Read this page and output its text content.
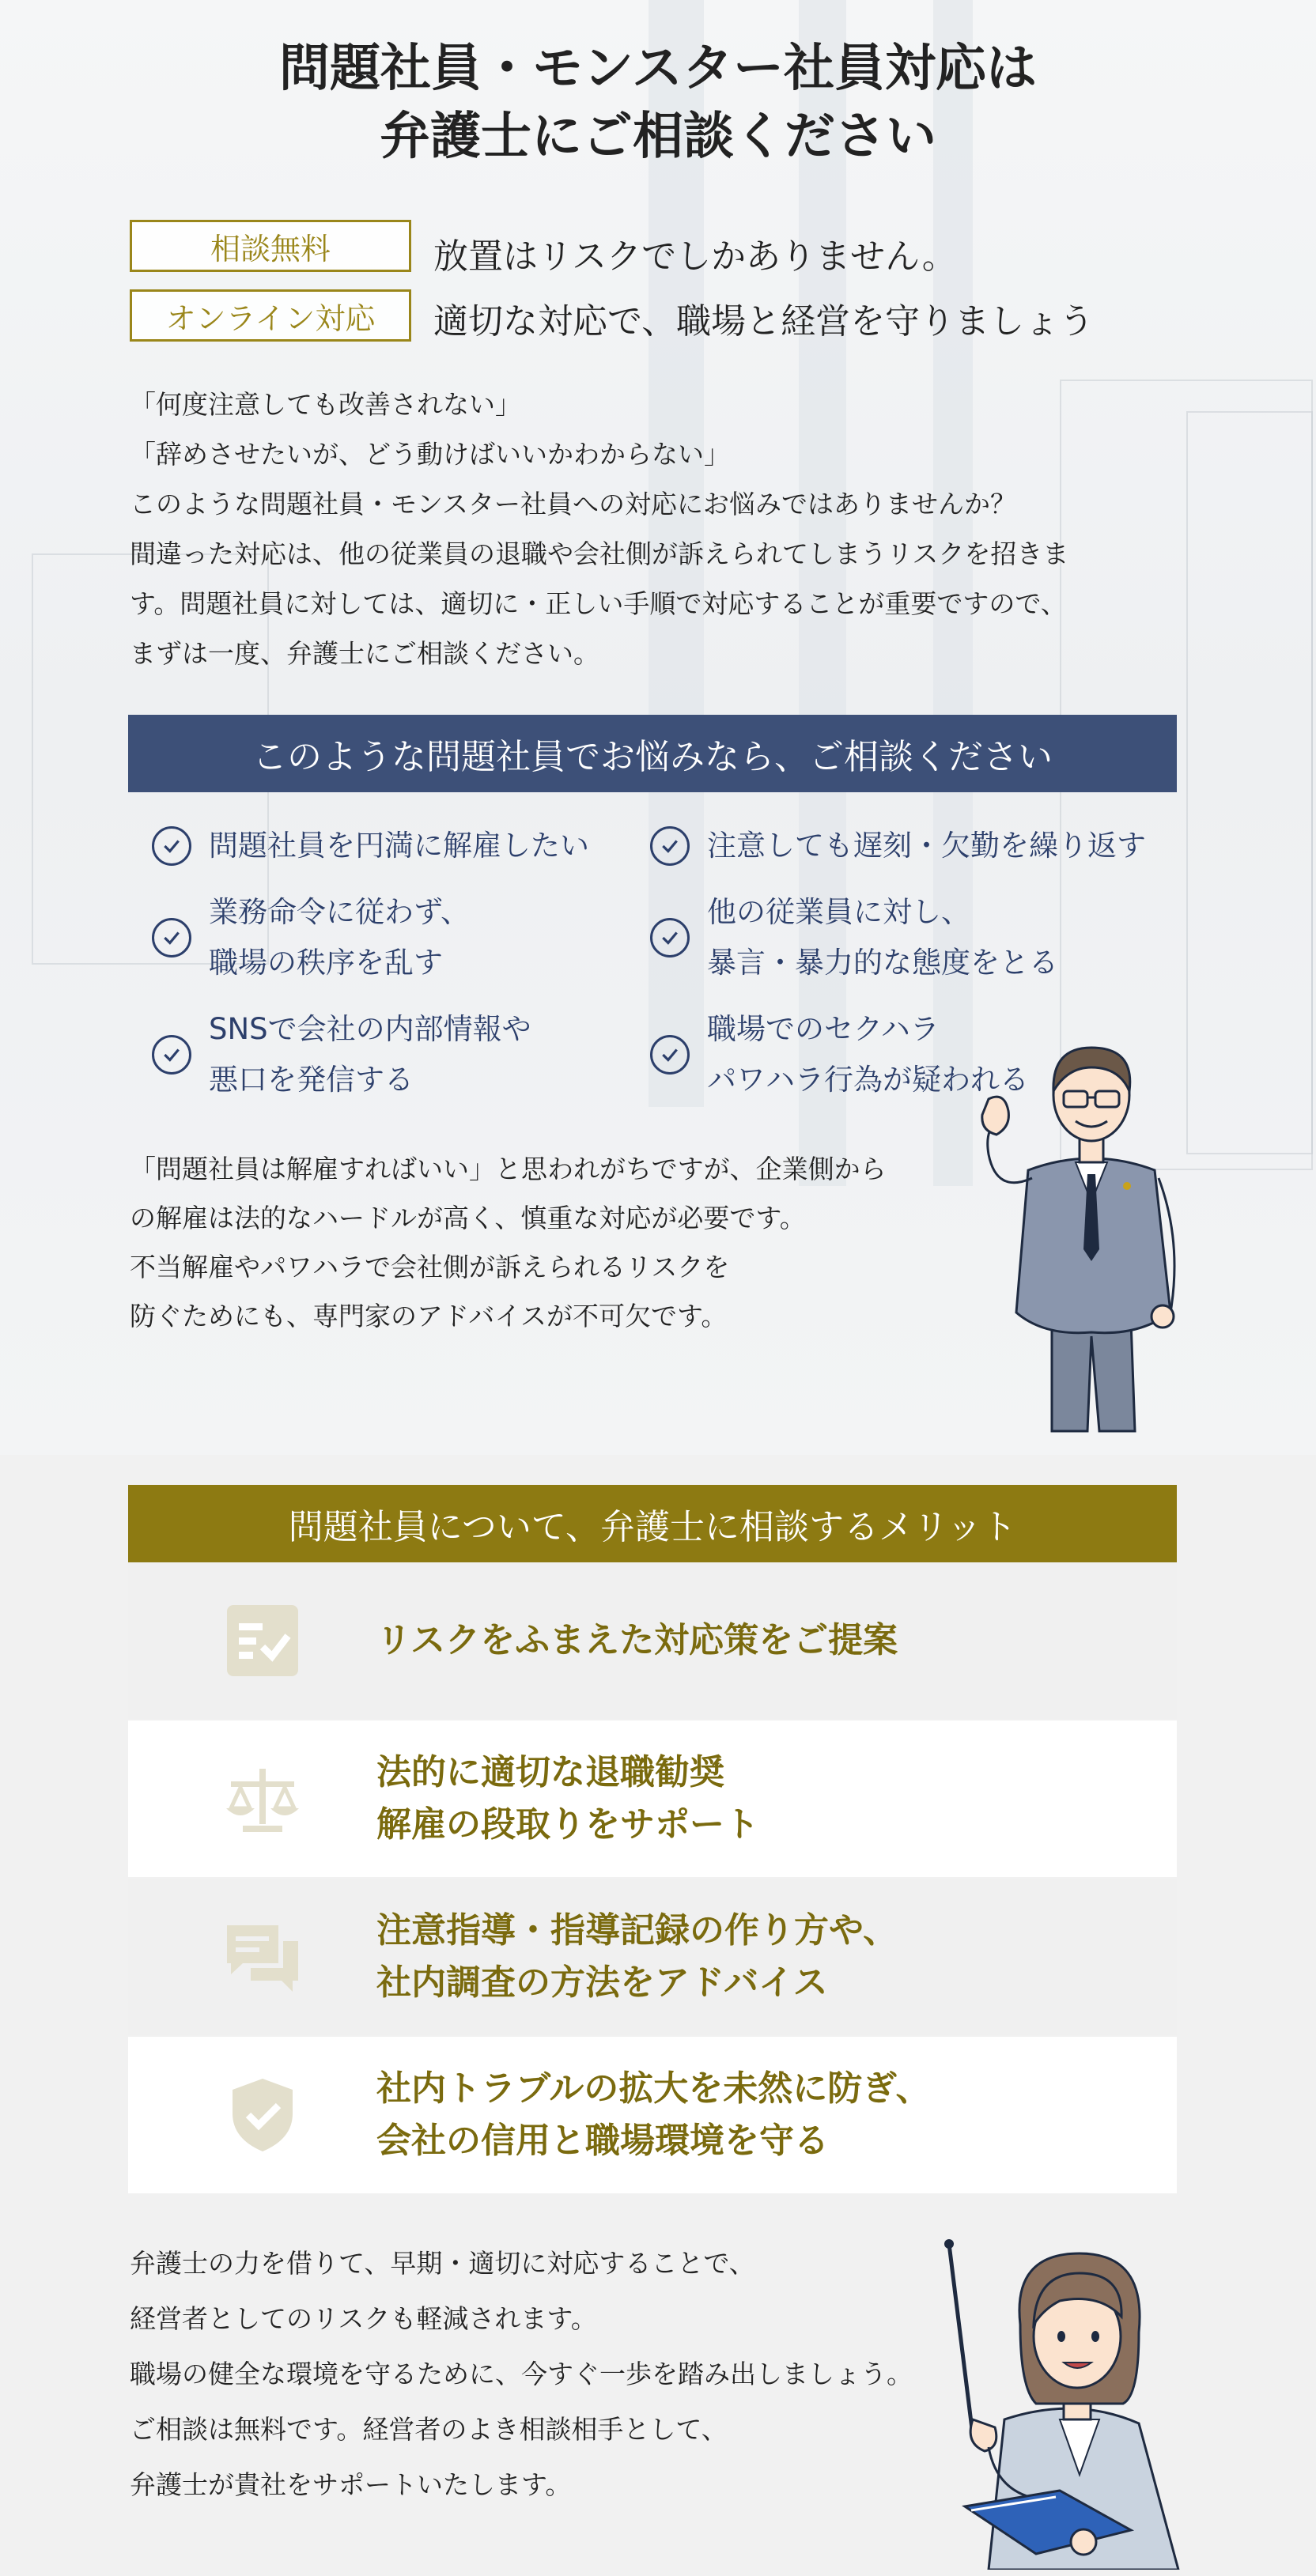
問題社員・モンスター社員対応は
弁護士にご相談ください
相談無料	放置はリスクでしかありません。
オンライン対応	適切な対応で、職場と経営を守りましょう

「何度注意しても改善されない」

「辞めさせたいが、どう動けばいいかわからない」

このような問題社員・モンスター社員への対応にお悩みではありませんか？

間違った対応は、他の従業員の退職や会社側が訴えられてしまうリスクを招きま

す。問題社員に対しては、適切に・正しい手順で対応することが重要ですので、

まずは一度、弁護士にご相談ください。

このような問題社員でお悩みなら、ご相談ください
問題社員を円満に解雇したい	注意しても遅刻・欠勤を繰り返す
業務命令に従わず、
職場の秩序を乱す
他の従業員に対し、
暴言・暴力的な態度をとる
SNSで会社の内部情報や
悪口を発信する
職場でのセクハラ
パワハラ行為が疑われる

「問題社員は解雇すればいい」と思われがちですが、企業側から

の解雇は法的なハードルが高く、慎重な対応が必要です。

不当解雇やパワハラで会社側が訴えられるリスクを

防ぐためにも、専門家のアドバイスが不可欠です。

問題社員について、弁護士に相談するメリット

リスクをふまえた対応策をご提案

法的に適切な退職勧奨

解雇の段取りをサポート

注意指導・指導記録の作り方や、

社内調査の方法をアドバイス

社内トラブルの拡大を未然に防ぎ、

会社の信用と職場環境を守る

弁護士の力を借りて、早期・適切に対応することで、

経営者としてのリスクも軽減されます。

職場の健全な環境を守るために、今すぐ一歩を踏み出しましょう。

ご相談は無料です。経営者のよき相談相手として、

弁護士が貴社をサポートいたします。
